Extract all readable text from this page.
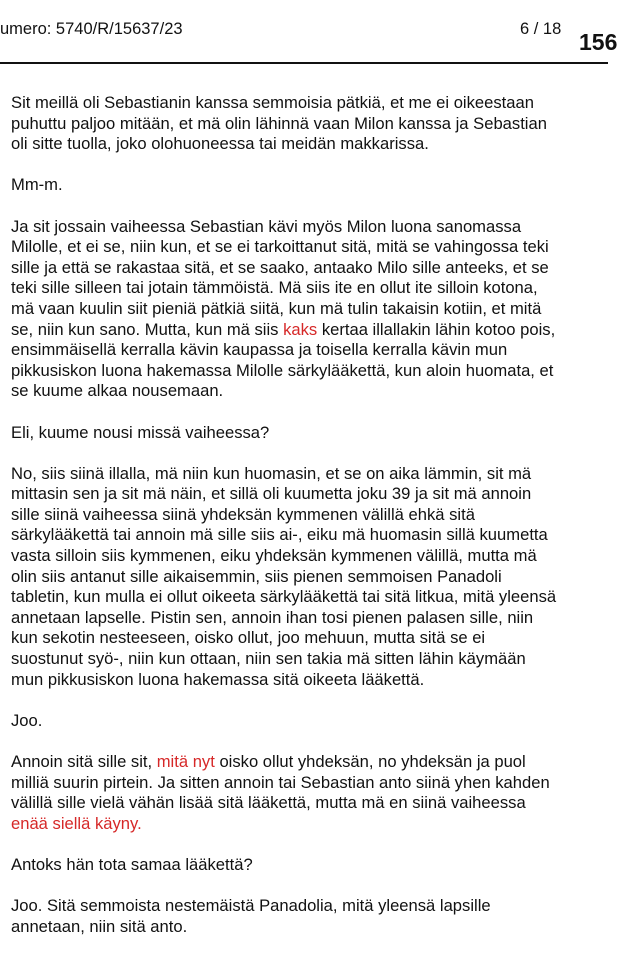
umero: 5740/R/15637/23	6 / 18 156

Sit meillä oli Sebastianin kanssa semmoisia pätkiä, et me ei oikeestaan
puhuttu paljoo mitään, et mä olin lähinnä vaan Milon kanssa ja Sebastian
oli sitte tuolla, joko olohuoneessa tai meidän makkarissa.

Mm-m.

Ja sit jossain vaiheessa Sebastian kävi myös Milon luona sanomassa
Milolle, et ei se, niin kun, et se ei tarkoittanut sitä, mitä se vahingossa teki
sille ja että se rakastaa sitä, et se saako, antaako Milo sille anteeks, et se
teki sille silleen tai jotain tämmöistä. Mä siis ite en ollut ite silloin kotona,
mä vaan kuulin siit pieniä pätkiä siitä, kun mä tulin takaisin kotiin, et mitä
se, niin kun sano. Mutta, kun mä siis kaks kertaa illallakin lähin kotoo pois,
ensimmäisellä kerralla kävin kaupassa ja toisella kerralla kävin mun
pikkusiskon luona hakemassa Milolle särkylääkettä, kun aloin huomata, et
se kuume alkaa nousemaan.

Eli, kuume nousi missä vaiheessa?

No, siis siinä illalla, mä niin kun huomasin, et se on aika lämmin, sit mä
mittasin sen ja sit mä näin, et sillä oli kuumetta joku 39 ja sit mä annoin
sille siinä vaiheessa siinä yhdeksän kymmenen välillä ehkä sitä
särkylääkettä tai annoin mä sille siis ai-, eiku mä huomasin sillä kuumetta
vasta silloin siis kymmenen, eiku yhdeksän kymmenen välillä, mutta mä
olin siis antanut sille aikaisemmin, siis pienen semmoisen Panadoli
tabletin, kun mulla ei ollut oikeeta särkylääkettä tai sitä litkua, mitä yleensä
annetaan lapselle. Pistin sen, annoin ihan tosi pienen palasen sille, niin
kun sekotin nesteeseen, oisko ollut, joo mehuun, mutta sitä se ei
suostunut syö-, niin kun ottaan, niin sen takia mä sitten lähin käymään
mun pikkusiskon luona hakemassa sitä oikeeta lääkettä.

Joo.

Annoin sitä sille sit, mitä nyt oisko ollut yhdeksän, no yhdeksän ja puol
milliä suurin pirtein. Ja sitten annoin tai Sebastian anto siinä yhen kahden
välillä sille vielä vähän lisää sitä lääkettä, mutta mä en siinä vaiheessa
enää siellä käyny.

Antoks hän tota samaa lääkettä?

Joo. Sitä semmoista nestemäistä Panadolia, mitä yleensä lapsille
annetaan, niin sitä anto.
